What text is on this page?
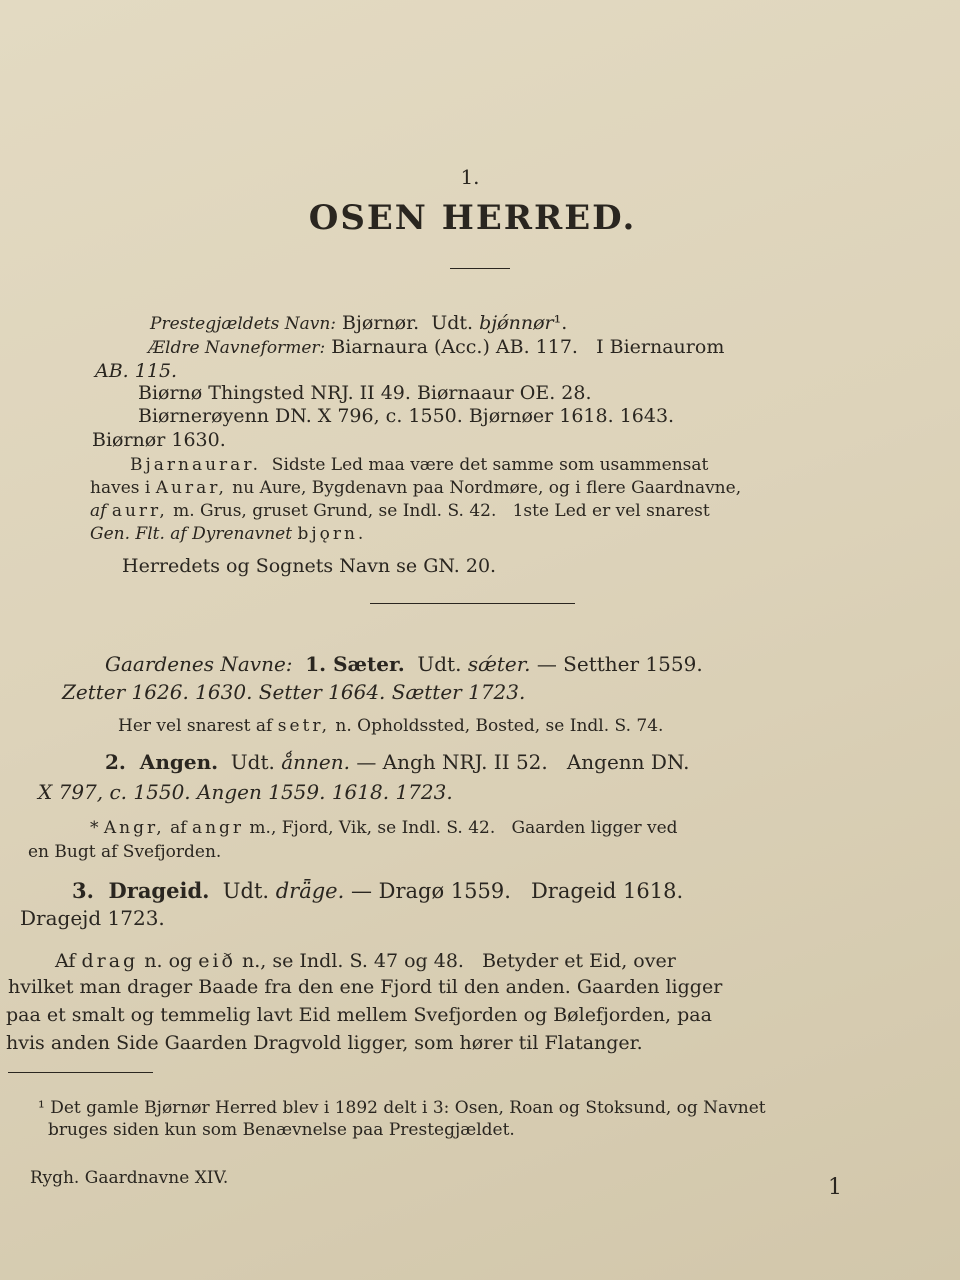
1.
OSEN HERRED.
Prestegjældets Navn: Bjørnør.  Udt. bjǿnnør¹.
Ældre Navneformer: Biarnaura (Acc.) AB. 117.   I Biernaurom
AB. 115.
Biørnø Thingsted NRJ. II 49. Biørnaaur OE. 28.
Biørnerøyenn DN. X 796, c. 1550. Bjørnøer 1618. 1643.
Biørnør 1630.
Bjarnaurar.  Sidste Led maa være det samme som usammensat
haves i Aurar, nu Aure, Bygdenavn paa Nordmøre, og i flere Gaardnavne,
af aurr, m. Grus, gruset Grund, se Indl. S. 42.   1ste Led er vel snarest
Gen. Flt. af Dyrenavnet bjǫrn.
Herredets og Sognets Navn se GN. 20.
Gaardenes Navne:  1. Sæter.  Udt. sǽter. — Setther 1559.
Zetter 1626. 1630. Setter 1664. Sætter 1723.
Her vel snarest af setr, n. Opholdssted, Bosted, se Indl. S. 74.
2.  Angen.  Udt. ǻnnen. — Angh NRJ. II 52.   Angenn DN.
X 797, c. 1550. Angen 1559. 1618. 1723.
* Angr, af angr m., Fjord, Vik, se Indl. S. 42.   Gaarden ligger ved
en Bugt af Svefjorden.
3.  Dragеid.  Udt. drǟge. — Dragø 1559.   Drageid 1618.
Dragejd 1723.
Af drag n. og eið n., se Indl. S. 47 og 48.   Betyder et Eid, over
hvilket man drager Baade fra den ene Fjord til den anden. Gaarden ligger
paa et smalt og temmelig lavt Eid mellem Svefjorden og Bølefjorden, paa
hvis anden Side Gaarden Dragvold ligger, som hører til Flatanger.
¹ Det gamle Bjørnør Herred blev i 1892 delt i 3: Osen, Roan og Stoksund, og Navnet
bruges siden kun som Benævnelse paa Prestegjældet.
Rygh. Gaardnavne XIV.	1
